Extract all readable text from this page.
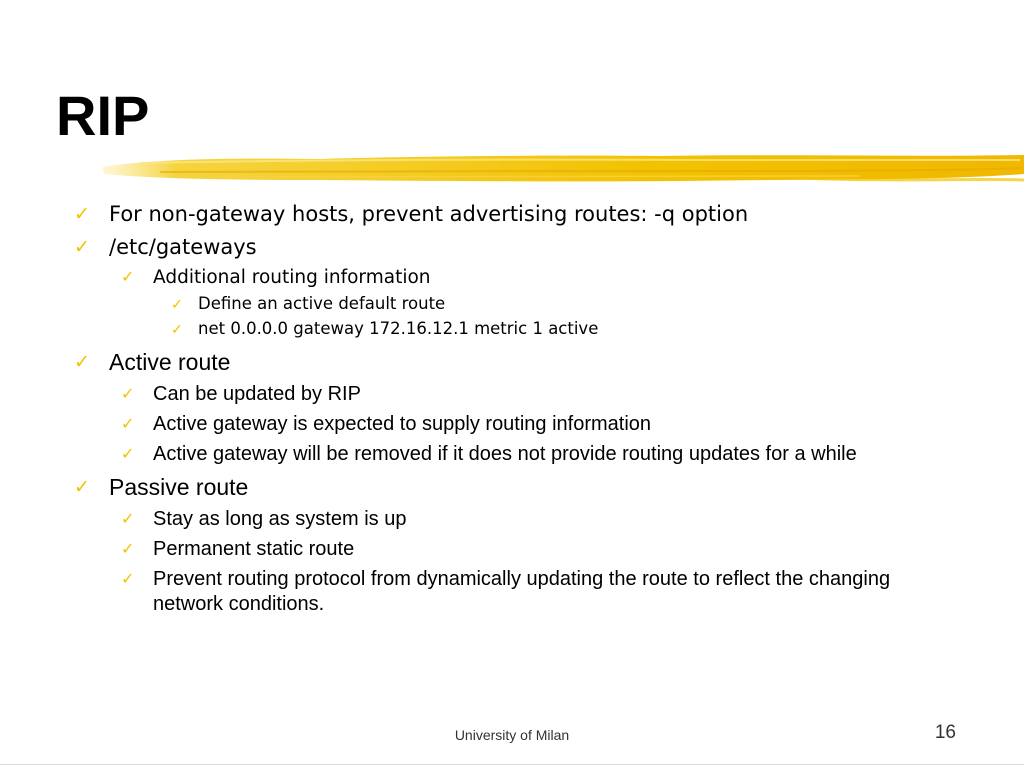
RIP
✓ For non-gateway hosts, prevent advertising routes: -q option
✓ /etc/gateways
✓	Additional routing information
✓ Define an active default route
✓ net 0.0.0.0 gateway 172.16.12.1 metric 1 active
✓ Active route
✓ Can be updated by RIP
✓ Active gateway is expected to supply routing information
✓ Active gateway will be removed if it does not provide routing updates for a while
✓ Passive route
✓ Stay as long as system is up
✓ Permanent static route
✓ Prevent routing protocol from dynamically updating the route to reflect the changing network conditions.
University of Milan	16
